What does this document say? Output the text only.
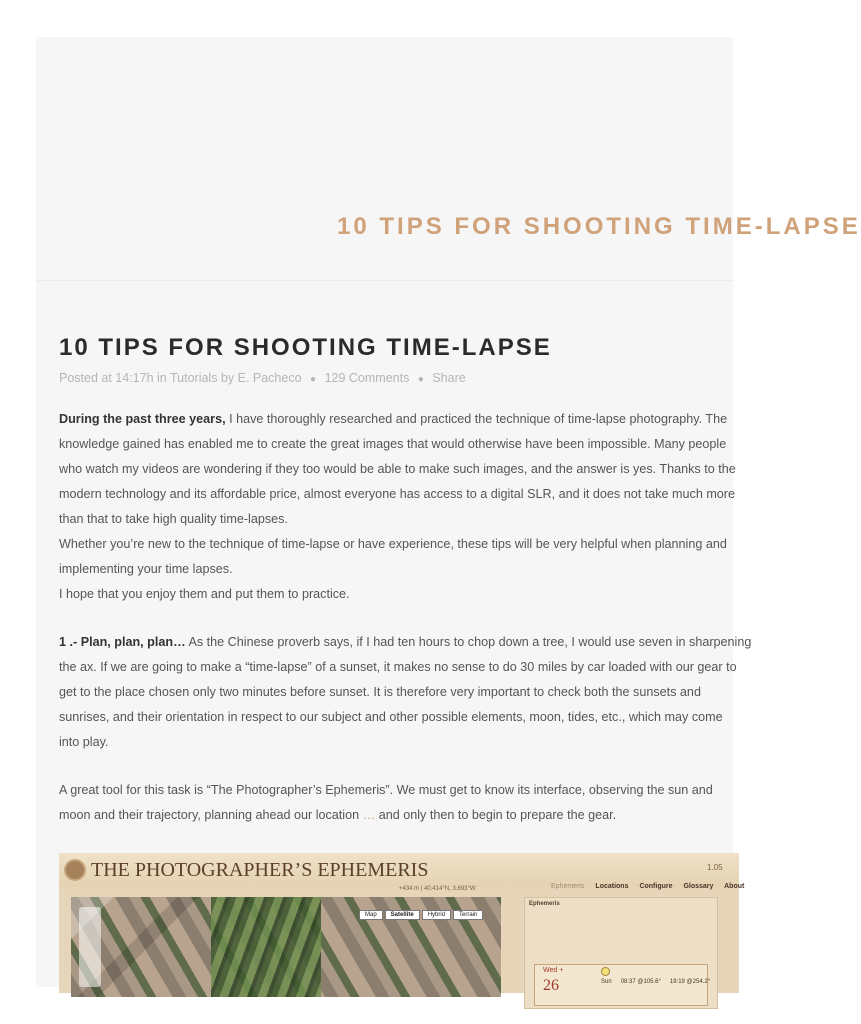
10 TIPS FOR SHOOTING TIME-LAPSE
10 TIPS FOR SHOOTING TIME-LAPSE
Posted at 14:17h in Tutorials by E. Pacheco ● 129 Comments ● Share

During the past three years, I have thoroughly researched and practiced the technique of time-lapse photography. The
knowledge gained has enabled me to create the great images that would otherwise have been impossible. Many people
who watch my videos are wondering if they too would be able to make such images, and the answer is yes. Thanks to the
modern technology and its affordable price, almost everyone has access to a digital SLR, and it does not take much more
than that to take high quality time-lapses.
Whether you’re new to the technique of time-lapse or have experience, these tips will be very helpful when planning and
implementing your time lapses.
I hope that you enjoy them and put them to practice.

1 .- Plan, plan, plan… As the Chinese proverb says, if I had ten hours to chop down a tree, I would use seven in sharpening
the ax. If we are going to make a “time-lapse” of a sunset, it makes no sense to do 30 miles by car loaded with our gear to
get to the place chosen only two minutes before sunset. It is therefore very important to check both the sunsets and
sunrises, and their orientation in respect to our subject and other possible elements, moon, tides, etc., which may come
into play.

A great tool for this task is “The Photographer’s Ephemeris”. We must get to know its interface, observing the sun and
moon and their trajectory, planning ahead our location … and only then to begin to prepare the gear.

THE PHOTOGRAPHER’S EPHEMERIS	1.05
+434 m | 40.414°N, 3.693°W	Ephemeris Locations Configure Glossary About
Map Satellite Hybrid Terrain
Ephemeris
Wed +
26	Sun 08:37 @105.6° 19:19 @254.2°
